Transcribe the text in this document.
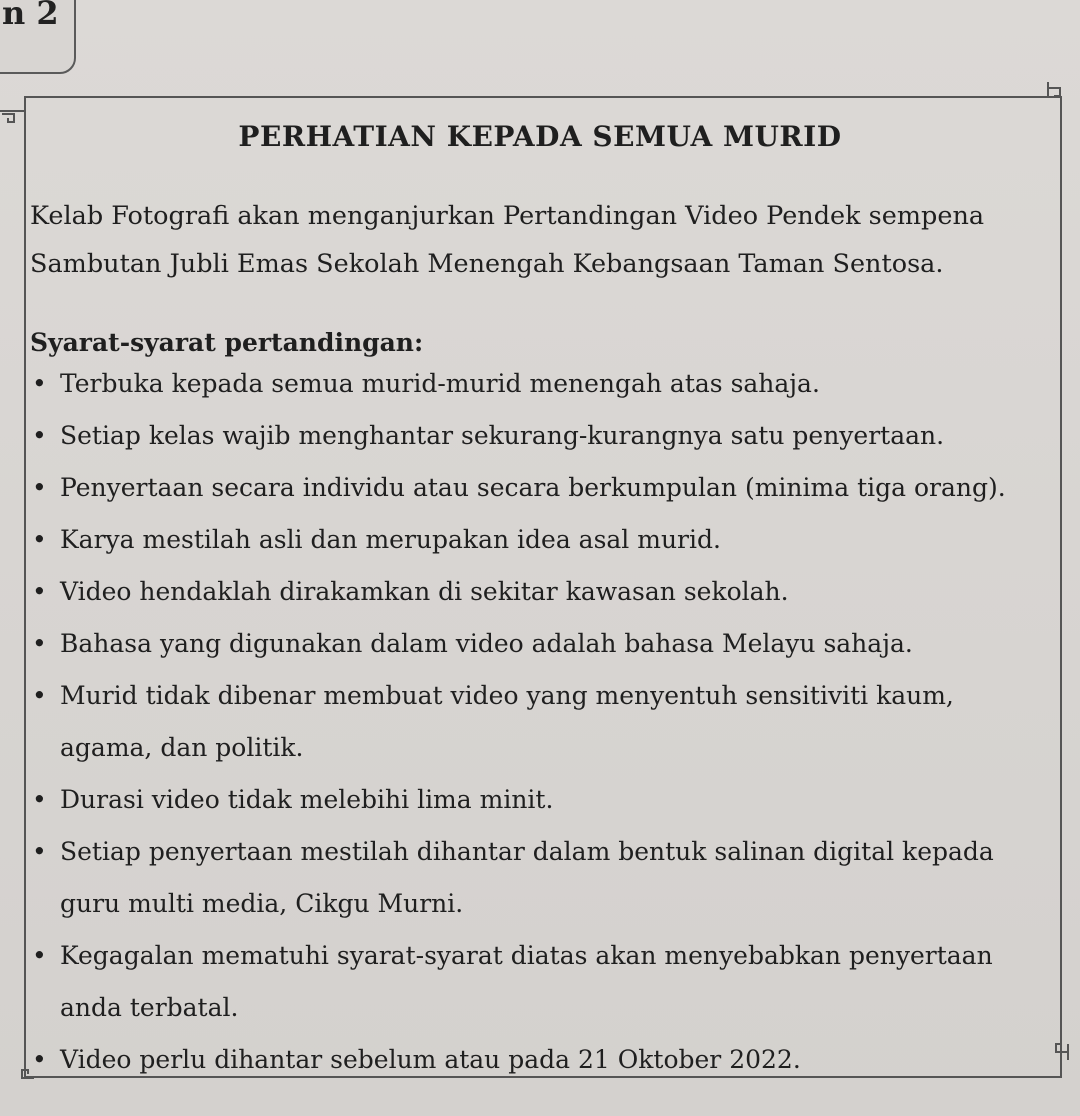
n 2
PERHATIAN KEPADA SEMUA MURID
Kelab Fotografi akan menganjurkan Pertandingan Video Pendek sempena Sambutan Jubli Emas Sekolah Menengah Kebangsaan Taman Sentosa.
Syarat-syarat pertandingan:
• Terbuka kepada semua murid-murid menengah atas sahaja.
• Setiap kelas wajib menghantar sekurang-kurangnya satu penyertaan.
• Penyertaan secara individu atau secara berkumpulan (minima tiga orang).
• Karya mestilah asli dan merupakan idea asal murid.
• Video hendaklah dirakamkan di sekitar kawasan sekolah.
• Bahasa yang digunakan dalam video adalah bahasa Melayu sahaja.
• Murid tidak dibenar membuat video yang menyentuh sensitiviti kaum, agama, dan politik.
• Durasi video tidak melebihi lima minit.
• Setiap penyertaan mestilah dihantar dalam bentuk salinan digital kepada guru multi media, Cikgu Murni.
• Kegagalan mematuhi syarat-syarat diatas akan menyebabkan penyertaan anda terbatal.
• Video perlu dihantar sebelum atau pada 21 Oktober 2022.
